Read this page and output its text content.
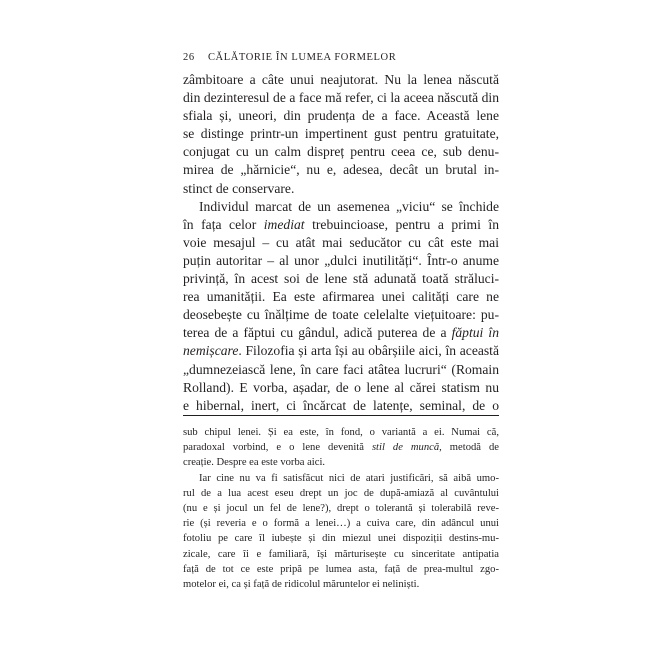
26 CĂLĂTORIE ÎN LUMEA FORMELOR
zâmbitoare a câte unui neajutorat. Nu la lenea născută
din dezinteresul de a face mă refer, ci la aceea născută din
sfiala și, uneori, din prudența de a face. Această lene
se distinge printr-un impertinent gust pentru gratuitate,
conjugat cu un calm dispreț pentru ceea ce, sub denu-
mirea de „hărnicie“, nu e, adesea, decât un brutal in-
stinct de conservare.
Individul marcat de un asemenea „viciu“ se închide
în fața celor imediat trebuincioase, pentru a primi în
voie mesajul – cu atât mai seducător cu cât este mai
puțin autoritar – al unor „dulci inutilități“. Într-o anume
privință, în acest soi de lene stă adunată toată străluci-
rea umanității. Ea este afirmarea unei calități care ne
deosebește cu înălțime de toate celelalte viețuitoare: pu-
terea de a făptui cu gândul, adică puterea de a făptui în
nemișcare. Filozofia și arta își au obârșiile aici, în această
„dumnezeiască lene, în care faci atâtea lucruri“ (Romain
Rolland). E vorba, așadar, de o lene al cărei statism nu
e hibernal, inert, ci încărcat de latențe, seminal, de o
sub chipul lenei. Și ea este, în fond, o variantă a ei. Numai că,
paradoxal vorbind, e o lene devenită stil de muncă, metodă de
creație. Despre ea este vorba aici.
Iar cine nu va fi satisfăcut nici de atari justificări, să aibă umo-
rul de a lua acest eseu drept un joc de după-amiază al cuvântului
(nu e și jocul un fel de lene?), drept o tolerantă și tolerabilă reve-
rie (și reveria e o formă a lenei…) a cuiva care, din adâncul unui
fotoliu pe care îl iubește și din miezul unei dispoziții destins-mu-
zicale, care îi e familiară, își mărturisește cu sinceritate antipatia
față de tot ce este pripă pe lumea asta, față de prea-multul zgo-
motelor ei, ca și față de ridicolul măruntelor ei neliniști.
